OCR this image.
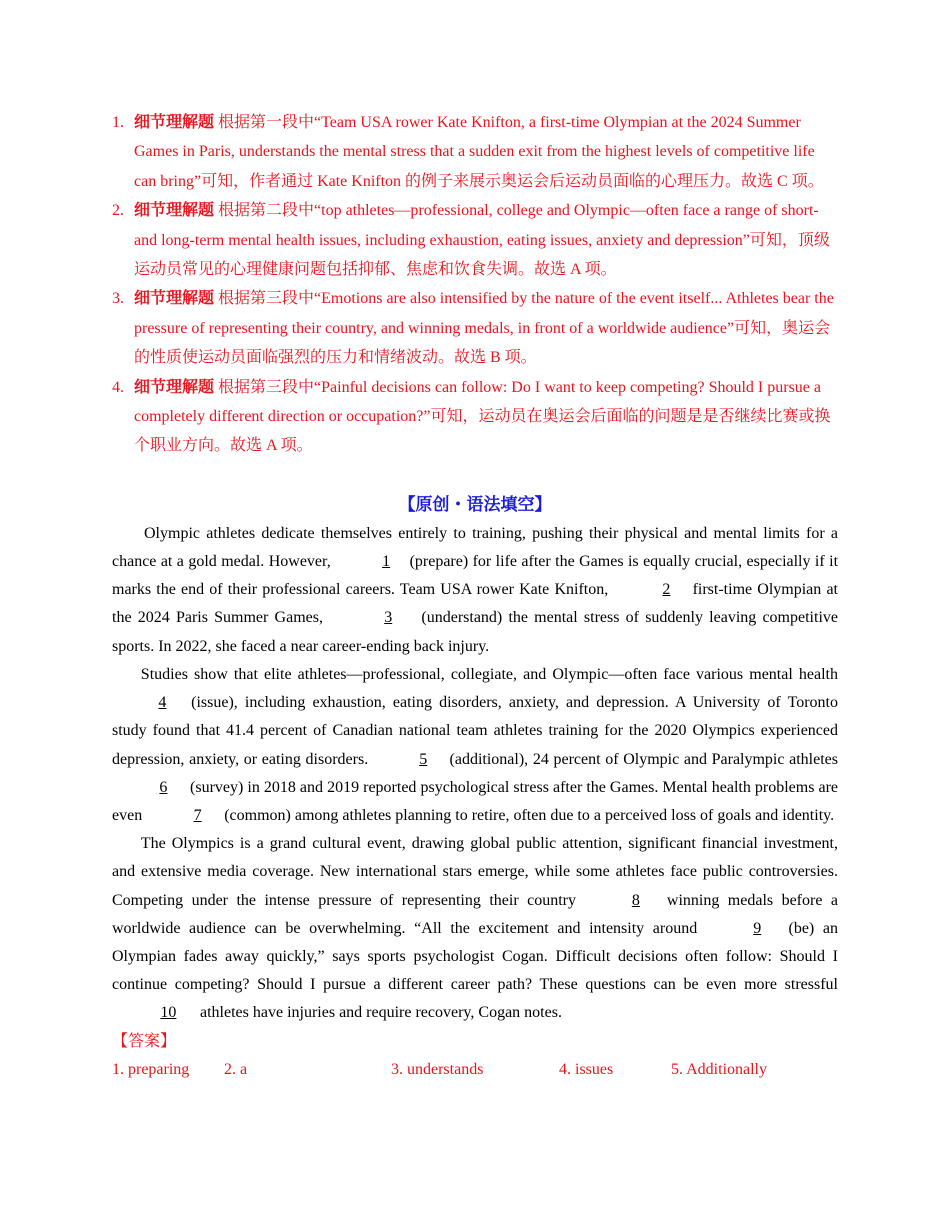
1. 细节理解题 根据第一段中“Team USA rower Kate Knifton, a first-time Olympian at the 2024 Summer Games in Paris, understands the mental stress that a sudden exit from the highest levels of competitive life can bring”可知，作者通过 Kate Knifton 的例子来展示奥运会后运动员面临的心理压力。故选 C 项。
2. 细节理解题 根据第二段中“top athletes—professional, college and Olympic—often face a range of short-and long-term mental health issues, including exhaustion, eating issues, anxiety and depression”可知，顶级运动员常见的心理健康问题包括抑郁、焦虑和饮食失调。故选 A 项。
3. 细节理解题 根据第三段中“Emotions are also intensified by the nature of the event itself... Athletes bear the pressure of representing their country, and winning medals, in front of a worldwide audience”可知，奥运会的性质使运动员面临强烈的压力和情绪波动。故选 B 项。
4. 细节理解题 根据第三段中“Painful decisions can follow: Do I want to keep competing? Should I pursue a completely different direction or occupation?”可知，运动员在奥运会后面临的问题是是否继续比赛或换个职业方向。故选 A 项。
【原创・语法填空】

Olympic athletes dedicate themselves entirely to training, pushing their physical and mental limits for a chance at a gold medal. However,	1 (prepare) for life after the Games is equally crucial, especially if it marks the end of their professional careers. Team USA rower Kate Knifton,	2 first-time Olympian at the 2024 Paris Summer Games,	3 (understand) the mental stress of suddenly leaving competitive sports. In 2022, she faced a near career-ending back injury.

Studies show that elite athletes—professional, collegiate, and Olympic—often face various mental health 4 (issue), including exhaustion, eating disorders, anxiety, and depression. A University of Toronto study found that 41.4 percent of Canadian national team athletes training for the 2020 Olympics experienced depression, anxiety, or eating disorders.	5 (additional), 24 percent of Olympic and Paralympic athletes 6 (survey) in 2018 and 2019 reported psychological stress after the Games. Mental health problems are even	7 (common) among athletes planning to retire, often due to a perceived loss of goals and identity.

The Olympics is a grand cultural event, drawing global public attention, significant financial investment, and extensive media coverage. New international stars emerge, while some athletes face public controversies. Competing under the intense pressure of representing their country	8 winning medals before a worldwide audience can be overwhelming. “All the excitement and intensity around	9 (be) an Olympian fades away quickly,” says sports psychologist Cogan. Difficult decisions often follow: Should I continue competing? Should I pursue a different career path? These questions can be even more stressful 10 athletes have injuries and require recovery, Cogan notes.

【答案】
1. preparing	2. a	3. understands	4. issues	5. Additionally
